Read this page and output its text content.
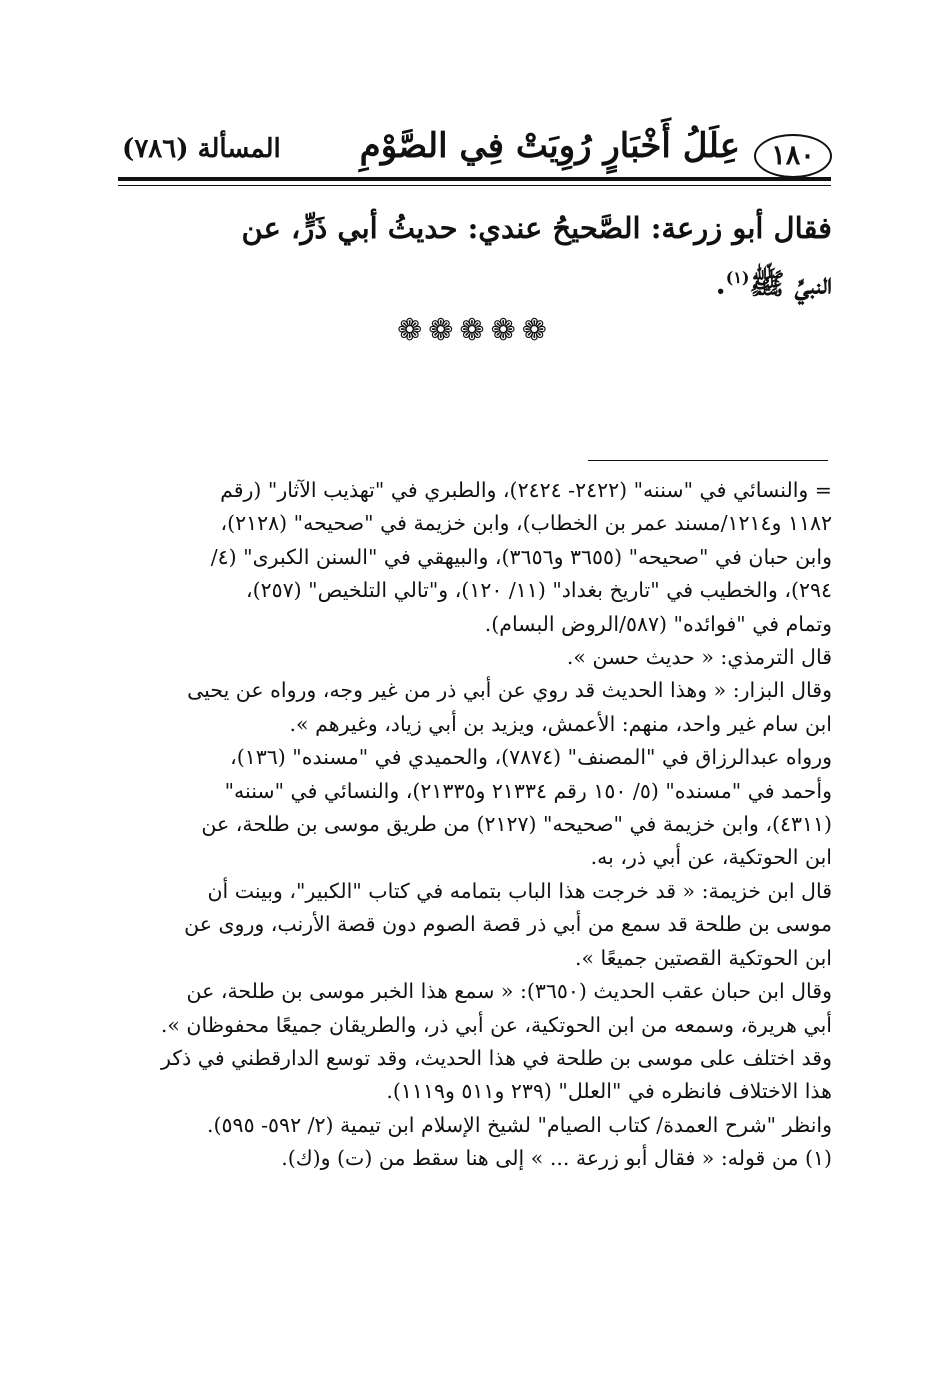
١٨٠
عِلَلُ أَخْبَارٍ رُوِيَتْ فِي الصَّوْمِ
المسألة (٧٨٦)
فقال أبو زرعة: الصَّحيحُ عندي: حديثُ أبي ذَرٍّ، عن
النبيِّ ﷺ$^{(١)}$.
❁❁❁❁❁
= والنسائي في "سننه" (٢٤٢٢- ٢٤٢٤)، والطبري في "تهذيب الآثار" (رقم
١١٨٢ و١٢١٤/مسند عمر بن الخطاب)، وابن خزيمة في "صحيحه" (٢١٢٨)،
وابن حبان في "صحيحه" (٣٦٥٥ و٣٦٥٦)، والبيهقي في "السنن الكبرى" (٤/
٢٩٤)، والخطيب في "تاريخ بغداد" (١١/ ١٢٠)، و"تالي التلخيص" (٢٥٧)،
وتمام في "فوائده" (٥٨٧/الروض البسام).
قال الترمذي: « حديث حسن ».
وقال البزار: « وهذا الحديث قد روي عن أبي ذر من غير وجه، ورواه عن يحيى
ابن سام غير واحد، منهم: الأعمش، ويزيد بن أبي زياد، وغيرهم ».
ورواه عبدالرزاق في "المصنف" (٧٨٧٤)، والحميدي في "مسنده" (١٣٦)،
وأحمد في "مسنده" (٥/ ١٥٠ رقم ٢١٣٣٤ و٢١٣٣٥)، والنسائي في "سننه"
(٤٣١١)، وابن خزيمة في "صحيحه" (٢١٢٧) من طريق موسى بن طلحة، عن
ابن الحوتكية، عن أبي ذر، به.
قال ابن خزيمة: « قد خرجت هذا الباب بتمامه في كتاب "الكبير"، وبينت أن
موسى بن طلحة قد سمع من أبي ذر قصة الصوم دون قصة الأرنب، وروى عن
ابن الحوتكية القصتين جميعًا ».
وقال ابن حبان عقب الحديث (٣٦٥٠): « سمع هذا الخبر موسى بن طلحة، عن
أبي هريرة، وسمعه من ابن الحوتكية، عن أبي ذر، والطريقان جميعًا محفوظان ».
وقد اختلف على موسى بن طلحة في هذا الحديث، وقد توسع الدارقطني في ذكر
هذا الاختلاف فانظره في "العلل" (٢٣٩ و٥١١ و١١١٩).
وانظر "شرح العمدة/ كتاب الصيام" لشيخ الإسلام ابن تيمية (٢/ ٥٩٢- ٥٩٥).
(١) من قوله: « فقال أبو زرعة ... » إلى هنا سقط من (ت) و(ك).
